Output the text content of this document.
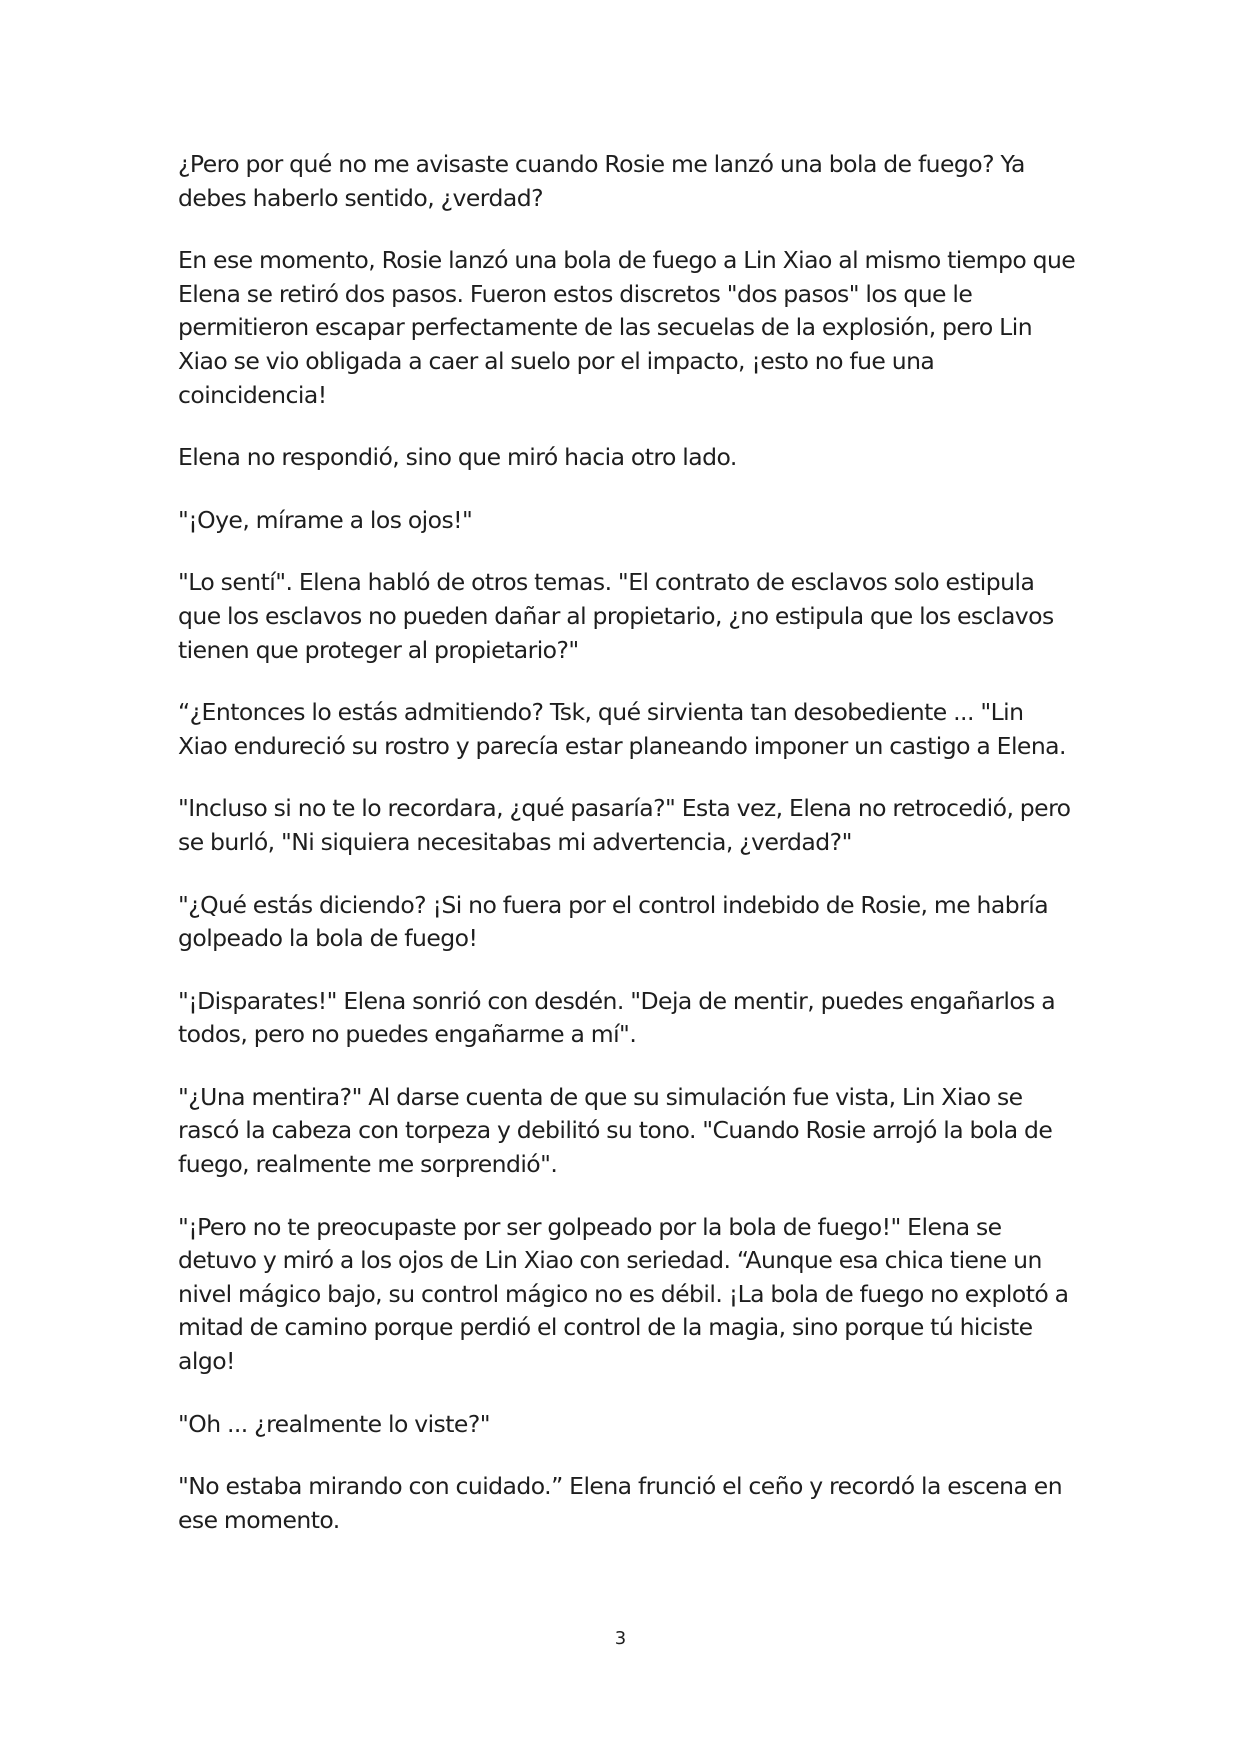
¿Pero por qué no me avisaste cuando Rosie me lanzó una bola de fuego? Ya debes haberlo sentido, ¿verdad?

En ese momento, Rosie lanzó una bola de fuego a Lin Xiao al mismo tiempo que Elena se retiró dos pasos. Fueron estos discretos "dos pasos" los que le permitieron escapar perfectamente de las secuelas de la explosión, pero Lin Xiao se vio obligada a caer al suelo por el impacto, ¡esto no fue una coincidencia!

Elena no respondió, sino que miró hacia otro lado.

"¡Oye, mírame a los ojos!"

"Lo sentí". Elena habló de otros temas. "El contrato de esclavos solo estipula que los esclavos no pueden dañar al propietario, ¿no estipula que los esclavos tienen que proteger al propietario?"

“¿Entonces lo estás admitiendo? Tsk, qué sirvienta tan desobediente ... "Lin Xiao endureció su rostro y parecía estar planeando imponer un castigo a Elena.

"Incluso si no te lo recordara, ¿qué pasaría?" Esta vez, Elena no retrocedió, pero se burló, "Ni siquiera necesitabas mi advertencia, ¿verdad?"

"¿Qué estás diciendo? ¡Si no fuera por el control indebido de Rosie, me habría golpeado la bola de fuego!

"¡Disparates!" Elena sonrió con desdén. "Deja de mentir, puedes engañarlos a todos, pero no puedes engañarme a mí".

"¿Una mentira?" Al darse cuenta de que su simulación fue vista, Lin Xiao se rascó la cabeza con torpeza y debilitó su tono. "Cuando Rosie arrojó la bola de fuego, realmente me sorprendió".

"¡Pero no te preocupaste por ser golpeado por la bola de fuego!" Elena se detuvo y miró a los ojos de Lin Xiao con seriedad. “Aunque esa chica tiene un nivel mágico bajo, su control mágico no es débil. ¡La bola de fuego no explotó a mitad de camino porque perdió el control de la magia, sino porque tú hiciste algo!

"Oh ... ¿realmente lo viste?"

"No estaba mirando con cuidado.” Elena frunció el ceño y recordó la escena en ese momento.

3
